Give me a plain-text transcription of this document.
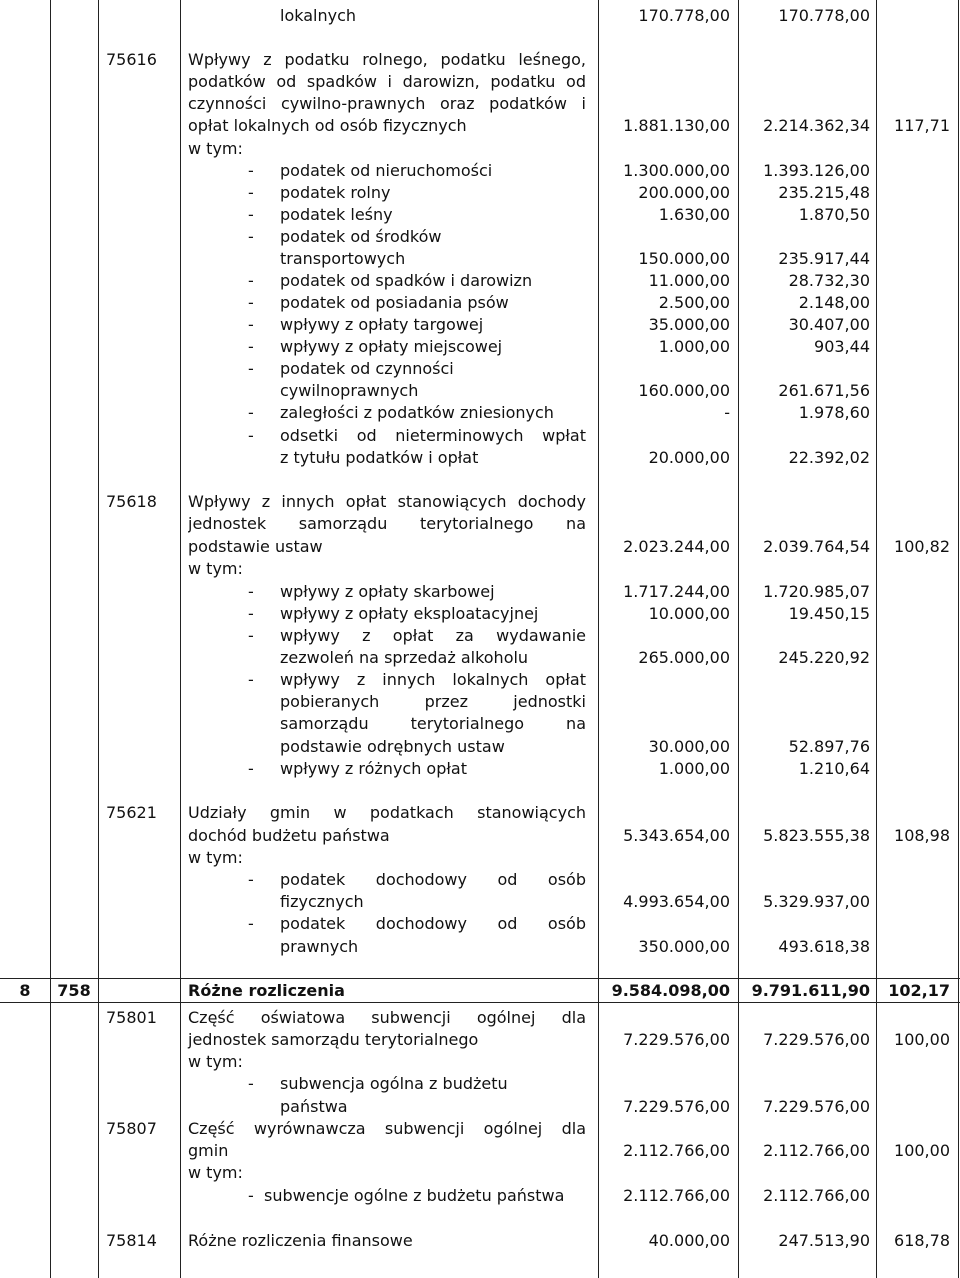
lokalnych	170.778,00	170.778,00
75616 Wpływy z podatku rolnego, podatku leśnego,
podatków od spadków i darowizn, podatku od
czynności cywilno-prawnych oraz podatków i
opłat lokalnych od osób fizycznych	1.881.130,00	2.214.362,34	117,71
w tym:
- podatek od nieruchomości	1.300.000,00	1.393.126,00
- podatek rolny	200.000,00	235.215,48
- podatek leśny	1.630,00	1.870,50
- podatek od środków
transportowych	150.000,00	235.917,44
- podatek od spadków i darowizn	11.000,00	28.732,30
- podatek od posiadania psów	2.500,00	2.148,00
- wpływy z opłaty targowej	35.000,00	30.407,00
- wpływy z opłaty miejscowej	1.000,00	903,44
- podatek od czynności
cywilnoprawnych	160.000,00	261.671,56
- zaległości z podatków zniesionych	-	1.978,60
- odsetki od nieterminowych wpłat
z tytułu podatków i opłat	20.000,00	22.392,02
75618 Wpływy z innych opłat stanowiących dochody
jednostek samorządu terytorialnego na
podstawie ustaw	2.023.244,00	2.039.764,54	100,82
w tym:
- wpływy z opłaty skarbowej	1.717.244,00	1.720.985,07
- wpływy z opłaty eksploatacyjnej	10.000,00	19.450,15
- wpływy z opłat za wydawanie
zezwoleń na sprzedaż alkoholu	265.000,00	245.220,92
- wpływy z innych lokalnych opłat
pobieranych przez jednostki
samorządu terytorialnego na
podstawie odrębnych ustaw	30.000,00	52.897,76
- wpływy z różnych opłat	1.000,00	1.210,64
75621 Udziały gmin w podatkach stanowiących
dochód budżetu państwa	5.343.654,00	5.823.555,38	108,98
w tym:
- podatek dochodowy od osób
fizycznych	4.993.654,00	5.329.937,00
- podatek dochodowy od osób
prawnych	350.000,00	493.618,38
8	758	Różne rozliczenia	9.584.098,00	9.791.611,90	102,17
75801 Część oświatowa subwencji ogólnej dla
jednostek samorządu terytorialnego	7.229.576,00	7.229.576,00	100,00
w tym:
- subwencja ogólna z budżetu
państwa	7.229.576,00	7.229.576,00
75807 Część wyrównawcza subwencji ogólnej dla
gmin	2.112.766,00	2.112.766,00	100,00
w tym:
- subwencje ogólne z budżetu państwa	2.112.766,00	2.112.766,00
75814 Różne rozliczenia finansowe	40.000,00	247.513,90	618,78
